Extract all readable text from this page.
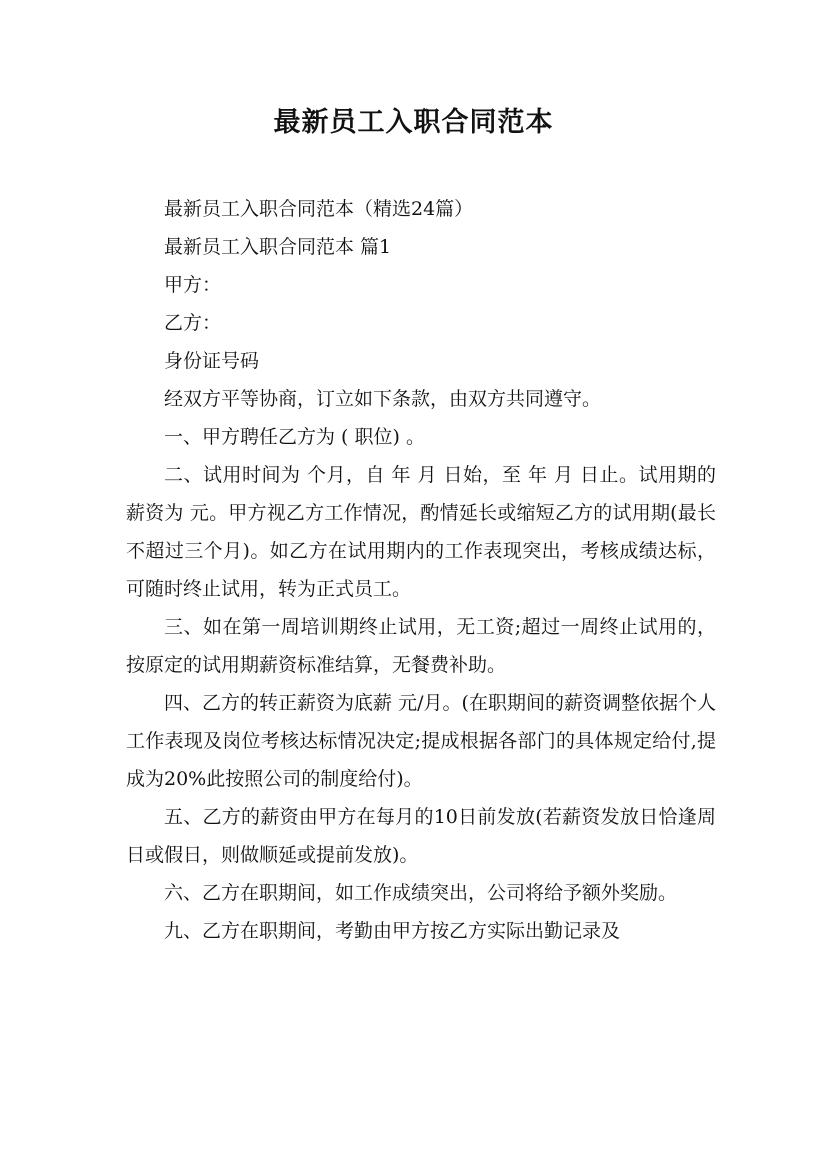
最新员工入职合同范本

最新员工入职合同范本（精选24篇）

最新员工入职合同范本 篇1

甲方：

乙方：

身份证号码

经双方平等协商，订立如下条款，由双方共同遵守。

一、甲方聘任乙方为 ( 职位) 。

二、试用时间为 个月，自 年 月 日始，至 年 月 日止。试用期的薪资为 元。甲方视乙方工作情况，酌情延长或缩短乙方的试用期(最长不超过三个月)。如乙方在试用期内的工作表现突出，考核成绩达标，可随时终止试用，转为正式员工。

三、如在第一周培训期终止试用，无工资;超过一周终止试用的，按原定的试用期薪资标准结算，无餐费补助。

四、乙方的转正薪资为底薪 元/月。(在职期间的薪资调整依据个人工作表现及岗位考核达标情况决定;提成根据各部门的具体规定给付,提成为20%此按照公司的制度给付)。

五、乙方的薪资由甲方在每月的10日前发放(若薪资发放日恰逢周日或假日，则做顺延或提前发放)。

六、乙方在职期间，如工作成绩突出，公司将给予额外奖励。

九、乙方在职期间，考勤由甲方按乙方实际出勤记录及
